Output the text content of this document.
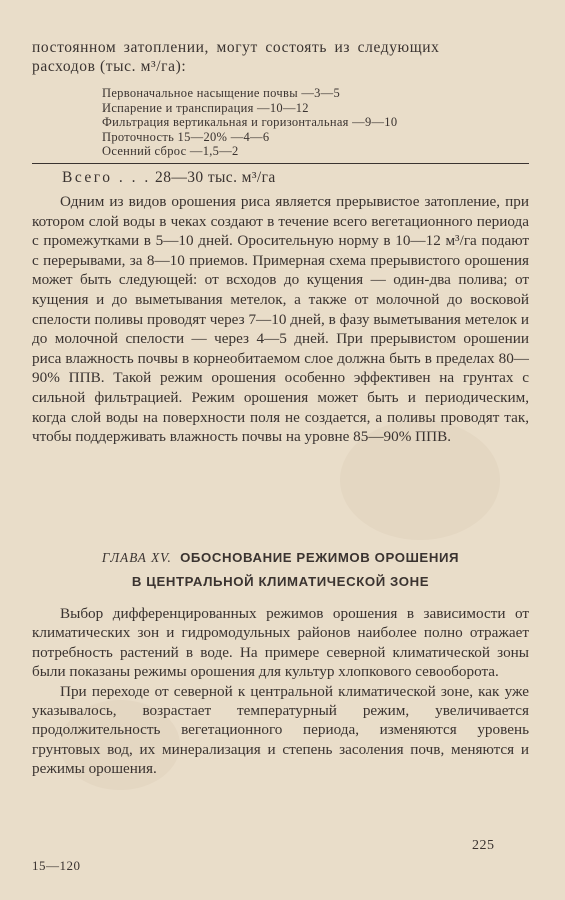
постоянном затоплении, могут состоять из следующих

расходов (тыс. м³/га):

Первоначальное насыщение почвы —3—5
Испарение и транспирация —10—12
Фильтрация вертикальная и горизонтальная —9—10
Проточность 15—20% —4—6
Осенний сброс —1,5—2
Всего . . . 28—30 тыс. м³/га

Одним из видов орошения риса является прерывистое затопление, при котором слой воды в чеках создают в течение всего вегетационного периода с промежутками в 5—10 дней. Оросительную норму в 10—12 м³/га подают с перерывами, за 8—10 приемов. Примерная схема прерывистого орошения может быть следующей: от всходов до кущения — один-два полива; от кущения и до выметывания метелок, а также от молочной до восковой спелости поливы проводят через 7—10 дней, в фазу выметывания метелок и до молочной спелости — через 4—5 дней. При прерывистом орошении риса влажность почвы в корнеобитаемом слое должна быть в пределах 80—90% ППВ. Такой режим орошения особенно эффективен на грунтах с сильной фильтрацией. Режим орошения может быть и периодическим, когда слой воды на поверхности поля не создается, а поливы проводят так, чтобы поддерживать влажность почвы на уровне 85—90% ППВ.

ГЛАВА XV. ОБОСНОВАНИЕ РЕЖИМОВ ОРОШЕНИЯ
В ЦЕНТРАЛЬНОЙ КЛИМАТИЧЕСКОЙ ЗОНЕ

Выбор дифференцированных режимов орошения в зависимости от климатических зон и гидромодульных районов наиболее полно отражает потребность растений в воде. На примере северной климатической зоны были показаны режимы орошения для культур хлопкового севооборота.

При переходе от северной к центральной климатической зоне, как уже указывалось, возрастает температурный режим, увеличивается продолжительность вегетационного периода, изменяются уровень грунтовых вод, их минерализация и степень засоления почв, меняются и режимы орошения.

15—120
225
